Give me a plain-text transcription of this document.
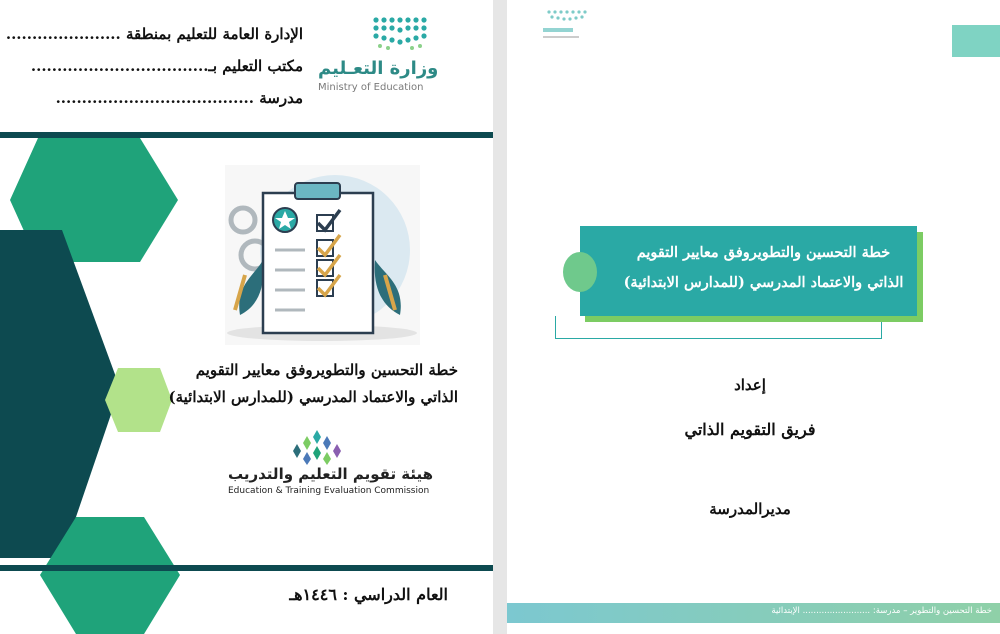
الإدارة العامة للتعليم بمنطقة ......................
مكتب التعليم بـ..................................
مدرسة ......................................
وزارة التعـليم
Ministry of Education
خطة التحسين والتطويروفق معايير التقويم
الذاتي والاعتماد المدرسي (للمدارس الابتدائية)
هيئة تقويم التعليم والتدريب
Education & Training Evaluation Commission
العام الدراسي : ١٤٤٦هـ
خطة التحسين والتطويروفق معايير التقويم
الذاتي والاعتماد المدرسي (للمدارس الابتدائية)
إعداد
فريق التقويم الذاتي
مديرالمدرسة
خطة التحسين والتطوير – مدرسة: ......................... الإبتدائية
